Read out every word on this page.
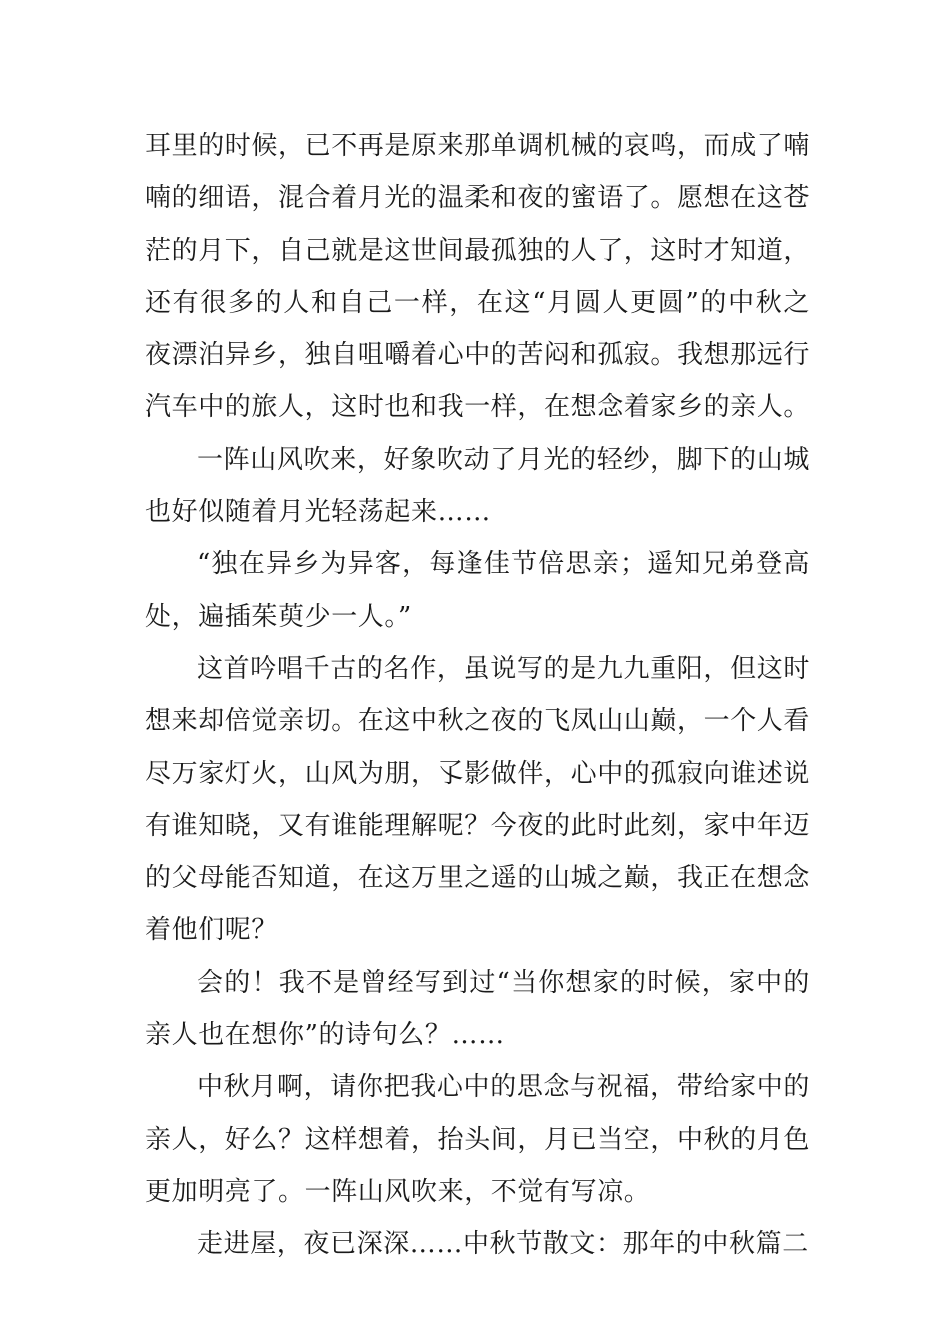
耳里的时候，已不再是原来那单调机械的哀鸣，而成了喃喃的细语，混合着月光的温柔和夜的蜜语了。愿想在这苍茫的月下，自己就是这世间最孤独的人了，这时才知道，还有很多的人和自己一样，在这“月圆人更圆”的中秋之夜漂泊异乡，独自咀嚼着心中的苦闷和孤寂。我想那远行汽车中的旅人，这时也和我一样，在想念着家乡的亲人。

一阵山风吹来，好象吹动了月光的轻纱，脚下的山城也好似随着月光轻荡起来……

“独在异乡为异客，每逢佳节倍思亲；遥知兄弟登高处，遍插茱萸少一人。”

这首吟唱千古的名作，虽说写的是九九重阳，但这时想来却倍觉亲切。在这中秋之夜的飞凤山山巅，一个人看尽万家灯火，山风为朋，孓影做伴，心中的孤寂向谁述说有谁知晓，又有谁能理解呢？今夜的此时此刻，家中年迈的父母能否知道，在这万里之遥的山城之巅，我正在想念着他们呢？

会的！我不是曾经写到过“当你想家的时候，家中的亲人也在想你”的诗句么？……

中秋月啊，请你把我心中的思念与祝福，带给家中的亲人，好么？这样想着，抬头间，月已当空，中秋的月色更加明亮了。一阵山风吹来，不觉有写凉。

走进屋，夜已深深……中秋节散文：那年的中秋篇二
